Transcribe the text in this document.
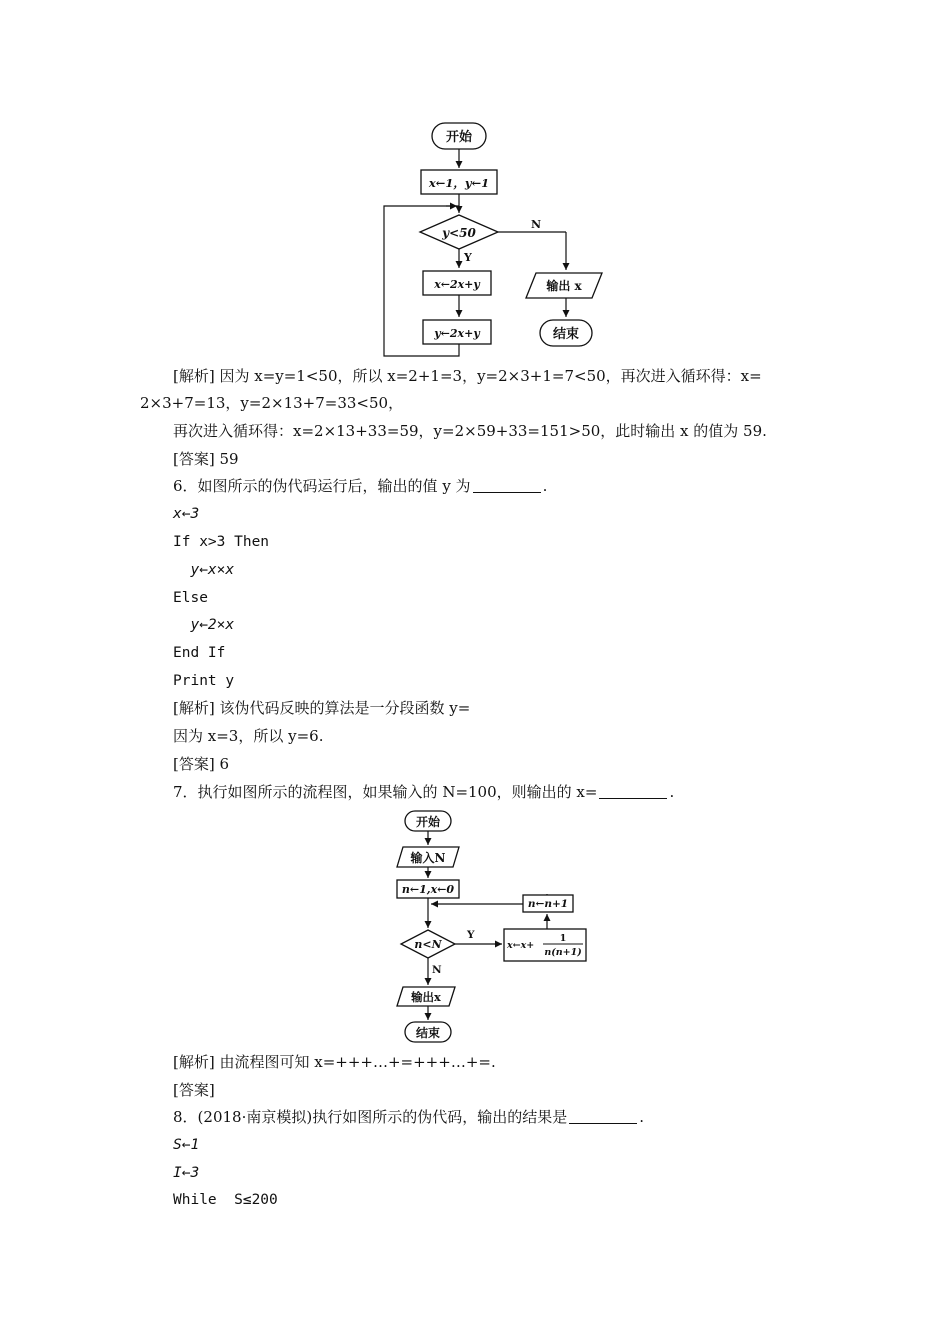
开始
x←1，y←1
y<50
N
Y
x←2x+y
y←2x+y
输出 x
结束
[解析] 因为 x=y=1<50，所以 x=2+1=3，y=2×3+1=7<50，再次进入循环得：x=
2×3+7=13，y=2×13+7=33<50，
再次进入循环得：x=2×13+33=59，y=2×59+33=151>50，此时输出 x 的值为 59.
[答案] 59
6．如图所示的伪代码运行后，输出的值 y 为	.
x←3
If x>3 Then
y←x×x
Else
y←2×x
End If
Print y
[解析] 该伪代码反映的算法是一分段函数 y=
因为 x=3，所以 y=6.
[答案] 6
7．执行如图所示的流程图，如果输入的 N=100，则输出的 x=	.
开始
输入N
n←1,x←0
n←n+1
n<N
Y
x←x+
1
n(n+1)
N
输出x
结束
[解析] 由流程图可知 x=+++…+=+++…+=.
[答案]
8．(2018·南京模拟)执行如图所示的伪代码，输出的结果是	.
S←1
I←3
While  S≤200
